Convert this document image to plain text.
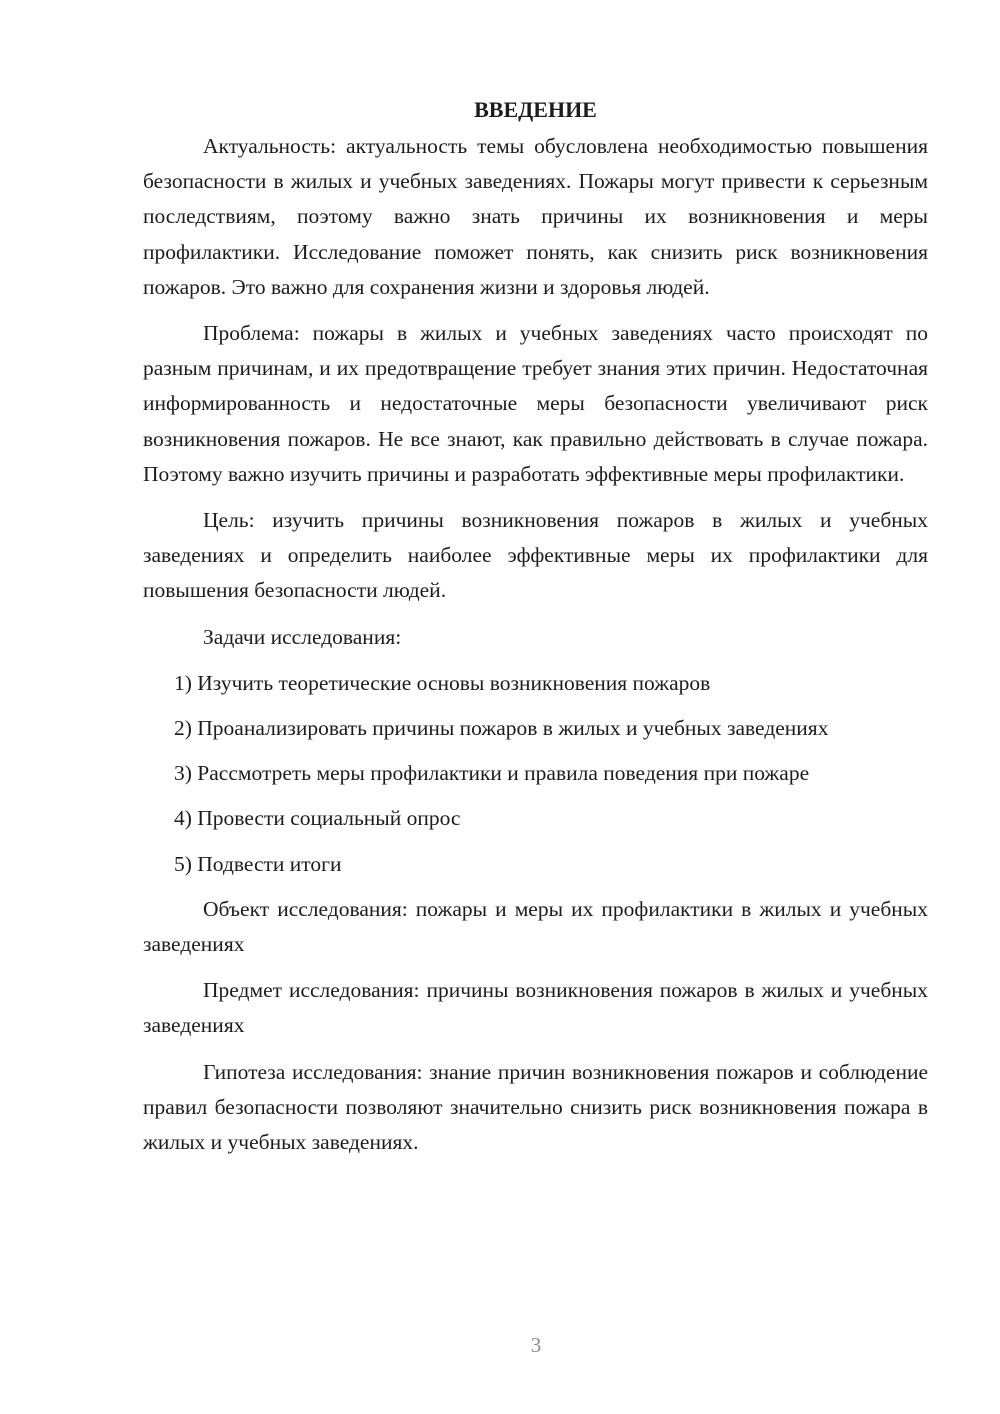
ВВЕДЕНИЕ

Актуальность: актуальность темы обусловлена необходимостью повышения безопасности в жилых и учебных заведениях. Пожары могут привести к серьезным последствиям, поэтому важно знать причины их возникновения и меры профилактики. Исследование поможет понять, как снизить риск возникновения пожаров. Это важно для сохранения жизни и здоровья людей.

Проблема: пожары в жилых и учебных заведениях часто происходят по разным причинам, и их предотвращение требует знания этих причин. Недостаточная информированность и недостаточные меры безопасности увеличивают риск возникновения пожаров. Не все знают, как правильно действовать в случае пожара. Поэтому важно изучить причины и разработать эффективные меры профилактики.

Цель: изучить причины возникновения пожаров в жилых и учебных заведениях и определить наиболее эффективные меры их профилактики для повышения безопасности людей.

Задачи исследования:

1) Изучить теоретические основы возникновения пожаров

2) Проанализировать причины пожаров в жилых и учебных заведениях

3) Рассмотреть меры профилактики и правила поведения при пожаре

4) Провести социальный опрос

5) Подвести итоги

Объект исследования: пожары и меры их профилактики в жилых и учебных заведениях

Предмет исследования: причины возникновения пожаров в жилых и учебных заведениях

Гипотеза исследования: знание причин возникновения пожаров и соблюдение правил безопасности позволяют значительно снизить риск возникновения пожара в жилых и учебных заведениях.

3
